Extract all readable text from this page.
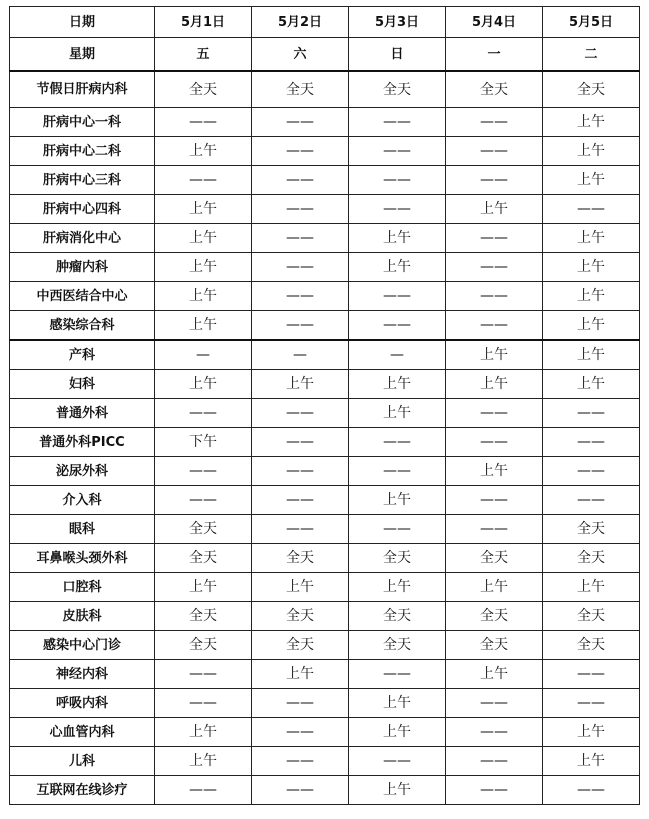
日期	5月1日	5月2日	5月3日	5月4日	5月5日
星期	五	六	日	一	二
节假日肝病内科	全天	全天	全天	全天	全天
肝病中心一科	——	——	——	——	上午
肝病中心二科	上午	——	——	——	上午
肝病中心三科	——	——	——	——	上午
肝病中心四科	上午	——	——	上午	——
肝病消化中心	上午	——	上午	——	上午
肿瘤内科	上午	——	上午	——	上午
中西医结合中心	上午	——	——	——	上午
感染综合科	上午	——	——	——	上午
产科	—	—	—	上午	上午
妇科	上午	上午	上午	上午	上午
普通外科	——	——	上午	——	——
普通外科PICC	下午	——	——	——	——
泌尿外科	——	——	——	上午	——
介入科	——	——	上午	——	——
眼科	全天	——	——	——	全天
耳鼻喉头颈外科	全天	全天	全天	全天	全天
口腔科	上午	上午	上午	上午	上午
皮肤科	全天	全天	全天	全天	全天
感染中心门诊	全天	全天	全天	全天	全天
神经内科	——	上午	——	上午	——
呼吸内科	——	——	上午	——	——
心血管内科	上午	——	上午	——	上午
儿科	上午	——	——	——	上午
互联网在线诊疗	——	——	上午	——	——
